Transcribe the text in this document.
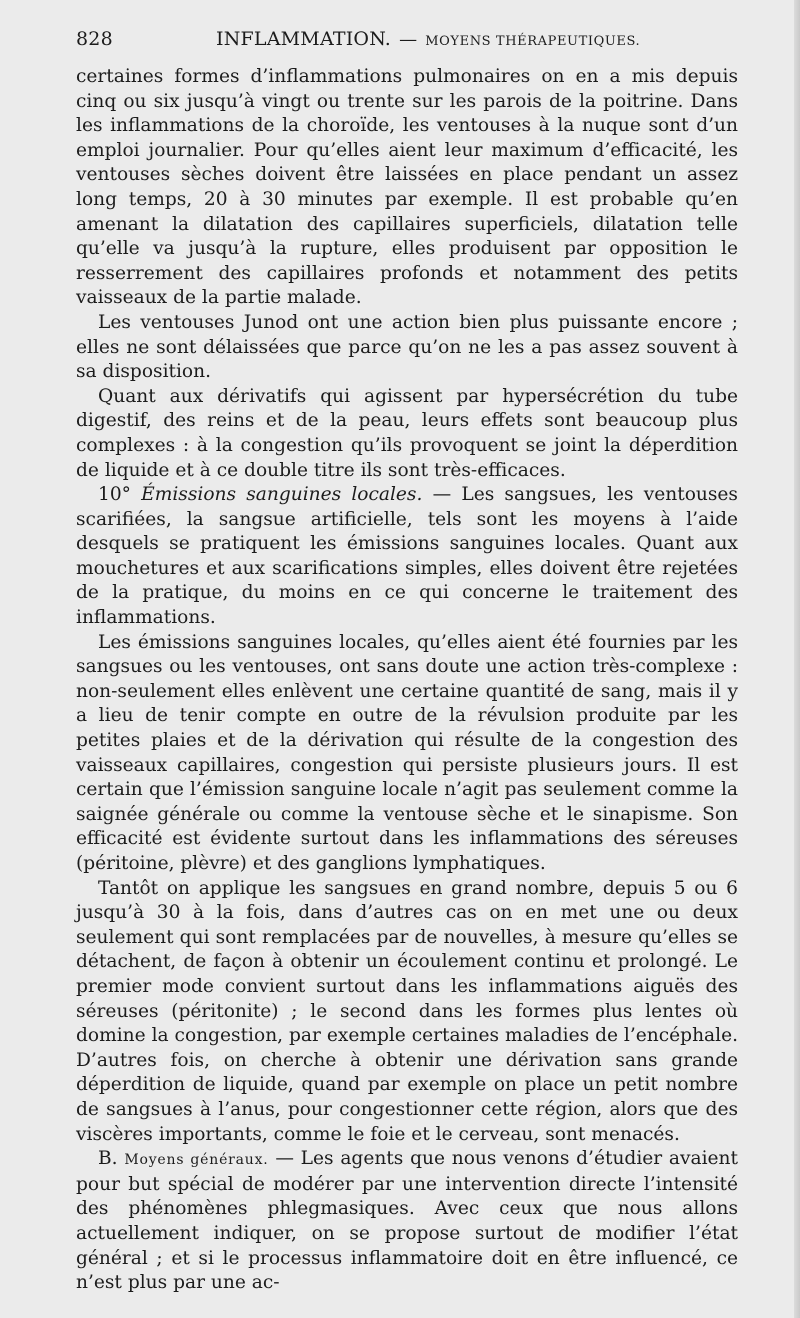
828	INFLAMMATION. — MOYENS THÉRAPEUTIQUES.

certaines formes d’inflammations pulmonaires on en a mis depuis cinq ou six jusqu’à vingt ou trente sur les parois de la poitrine. Dans les inflammations de la choroïde, les ventouses à la nuque sont d’un emploi journalier. Pour qu’elles aient leur maximum d’efficacité, les ventouses sèches doivent être laissées en place pendant un assez long temps, 20 à 30 minutes par exemple. Il est probable qu’en amenant la dilatation des capillaires superficiels, dilatation telle qu’elle va jusqu’à la rupture, elles produisent par opposition le resserrement des capillaires profonds et notamment des petits vaisseaux de la partie malade.

Les ventouses Junod ont une action bien plus puissante encore ; elles ne sont délaissées que parce qu’on ne les a pas assez souvent à sa disposition.

Quant aux dérivatifs qui agissent par hypersécrétion du tube digestif, des reins et de la peau, leurs effets sont beaucoup plus complexes : à la congestion qu’ils provoquent se joint la déperdition de liquide et à ce double titre ils sont très-efficaces.

10° Émissions sanguines locales. — Les sangsues, les ventouses scarifiées, la sangsue artificielle, tels sont les moyens à l’aide desquels se pratiquent les émissions sanguines locales. Quant aux mouchetures et aux scarifications simples, elles doivent être rejetées de la pratique, du moins en ce qui concerne le traitement des inflammations.

Les émissions sanguines locales, qu’elles aient été fournies par les sangsues ou les ventouses, ont sans doute une action très-complexe : non-seulement elles enlèvent une certaine quantité de sang, mais il y a lieu de tenir compte en outre de la révulsion produite par les petites plaies et de la dérivation qui résulte de la congestion des vaisseaux capillaires, congestion qui persiste plusieurs jours. Il est certain que l’émission sanguine locale n’agit pas seulement comme la saignée générale ou comme la ventouse sèche et le sinapisme. Son efficacité est évidente surtout dans les inflammations des séreuses (péritoine, plèvre) et des ganglions lymphatiques.

Tantôt on applique les sangsues en grand nombre, depuis 5 ou 6 jusqu’à 30 à la fois, dans d’autres cas on en met une ou deux seulement qui sont remplacées par de nouvelles, à mesure qu’elles se détachent, de façon à obtenir un écoulement continu et prolongé. Le premier mode convient surtout dans les inflammations aiguës des séreuses (péritonite) ; le second dans les formes plus lentes où domine la congestion, par exemple certaines maladies de l’encéphale. D’autres fois, on cherche à obtenir une dérivation sans grande déperdition de liquide, quand par exemple on place un petit nombre de sangsues à l’anus, pour congestionner cette région, alors que des viscères importants, comme le foie et le cerveau, sont menacés.

B. Moyens généraux. — Les agents que nous venons d’étudier avaient pour but spécial de modérer par une intervention directe l’intensité des phénomènes phlegmasiques. Avec ceux que nous allons actuellement indiquer, on se propose surtout de modifier l’état général ; et si le processus inflammatoire doit en être influencé, ce n’est plus par une ac-
